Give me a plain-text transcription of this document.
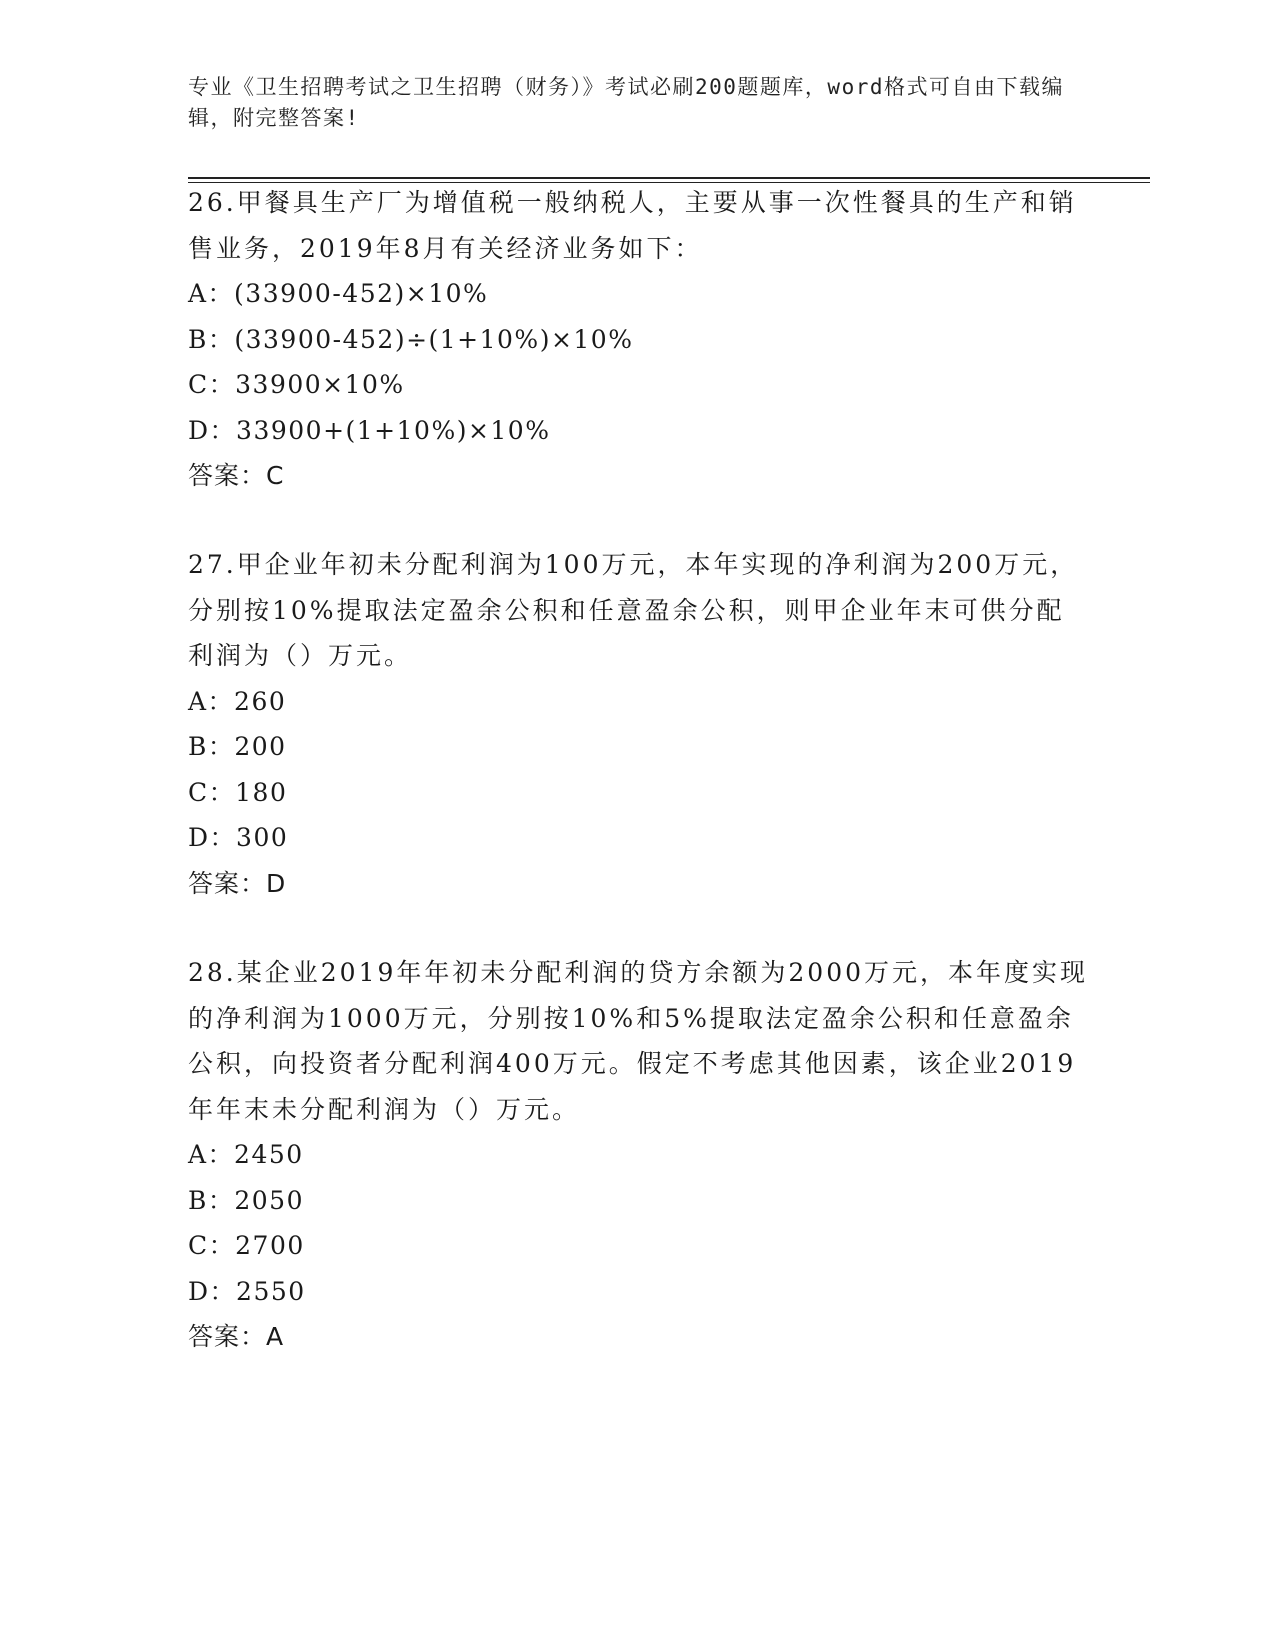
专业《卫生招聘考试之卫生招聘（财务）》考试必刷200题题库，word格式可自由下载编辑，附完整答案!

26.甲餐具生产厂为增值税一般纳税人，主要从事一次性餐具的生产和销售业务，2019年8月有关经济业务如下：

A：(33900-452)×10%

B：(33900-452)÷(1+10%)×10%

C：33900×10%

D：33900+(1+10%)×10%

答案：C

27.甲企业年初未分配利润为100万元，本年实现的净利润为200万元，分别按10%提取法定盈余公积和任意盈余公积，则甲企业年末可供分配利润为（）万元。

A：260

B：200

C：180

D：300

答案：D

28.某企业2019年年初未分配利润的贷方余额为2000万元，本年度实现的净利润为1000万元，分别按10%和5%提取法定盈余公积和任意盈余公积，向投资者分配利润400万元。假定不考虑其他因素，该企业2019年年末未分配利润为（）万元。

A：2450

B：2050

C：2700

D：2550

答案：A
